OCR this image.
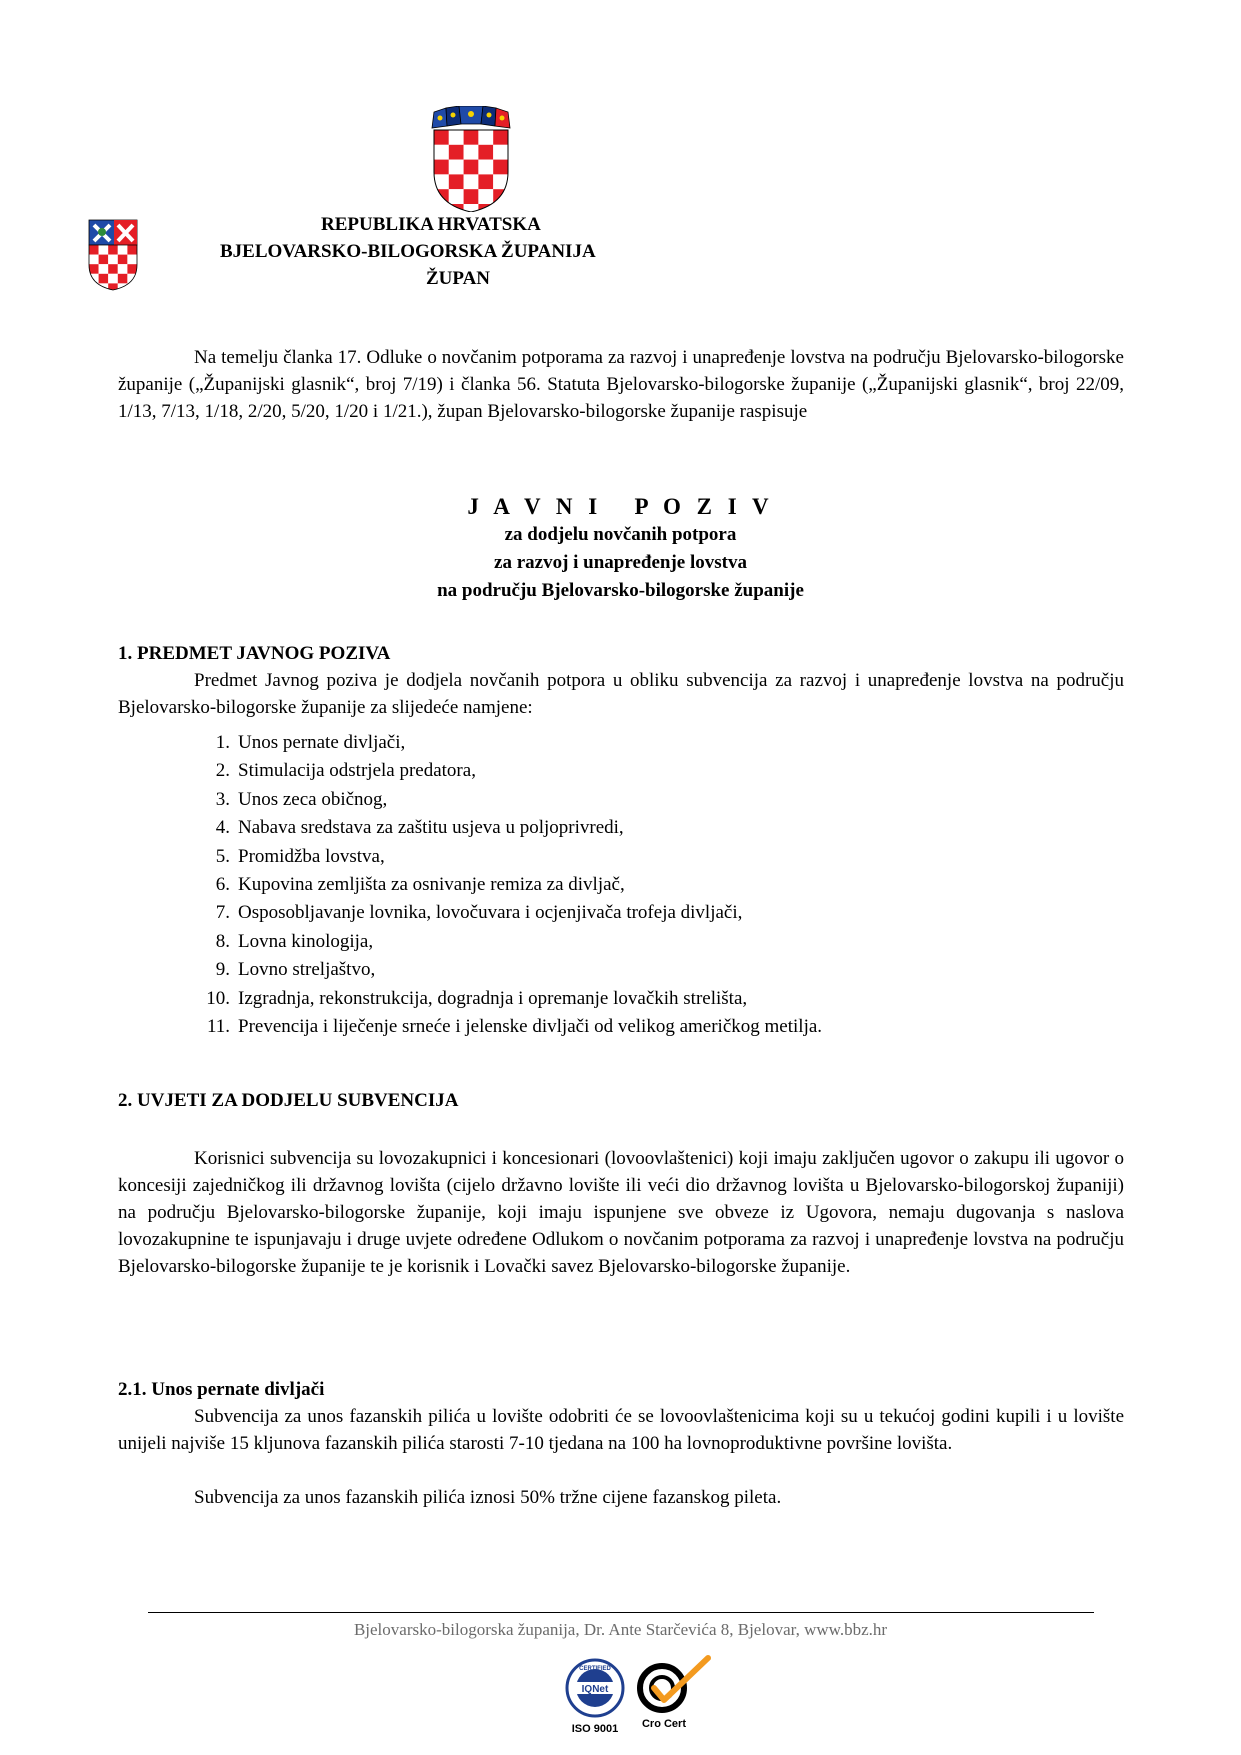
REPUBLIKA HRVATSKA
BJELOVARSKO-BILOGORSKA ŽUPANIJA
ŽUPAN
Na temelju članka 17. Odluke o novčanim potporama za razvoj i unapređenje lovstva na području Bjelovarsko-bilogorske županije („Županijski glasnik“, broj 7/19) i članka 56. Statuta Bjelovarsko-bilogorske županije („Županijski glasnik“, broj 22/09, 1/13, 7/13, 1/18, 2/20, 5/20, 1/20 i 1/21.), župan Bjelovarsko-bilogorske županije raspisuje
J A V N I   P O Z I V
za dodjelu novčanih potpora
za razvoj i unapređenje lovstva
na području Bjelovarsko-bilogorske županije
1. PREDMET JAVNOG POZIVA
Predmet Javnog poziva je dodjela novčanih potpora u obliku subvencija za razvoj i unapređenje lovstva na području Bjelovarsko-bilogorske županije za slijedeće namjene:
1. Unos pernate divljači,
2. Stimulacija odstrjela predatora,
3. Unos zeca običnog,
4. Nabava sredstava za zaštitu usjeva u poljoprivredi,
5. Promidžba lovstva,
6. Kupovina zemljišta za osnivanje remiza za divljač,
7. Osposobljavanje lovnika, lovočuvara i ocjenjivača trofeja divljači,
8. Lovna kinologija,
9. Lovno streljaštvo,
10. Izgradnja, rekonstrukcija, dogradnja i opremanje lovačkih strelišta,
11. Prevencija i liječenje srneće i jelenske divljači od velikog američkog metilja.
2. UVJETI ZA DODJELU SUBVENCIJA
Korisnici subvencija su lovozakupnici i koncesionari (lovoovlaštenici) koji imaju zaključen ugovor o zakupu ili ugovor o koncesiji zajedničkog ili državnog lovišta (cijelo državno lovište ili veći dio državnog lovišta u Bjelovarsko-bilogorskoj županiji) na području Bjelovarsko-bilogorske županije, koji imaju ispunjene sve obveze iz Ugovora, nemaju dugovanja s naslova lovozakupnine te ispunjavaju i druge uvjete određene Odlukom o novčanim potporama za razvoj i unapređenje lovstva na području Bjelovarsko-bilogorske županije te je korisnik i Lovački savez Bjelovarsko-bilogorske županije.
2.1. Unos pernate divljači
Subvencija za unos fazanskih pilića u lovište odobriti će se lovoovlaštenicima koji su u tekućoj godini kupili i u lovište unijeli najviše 15 kljunova fazanskih pilića starosti 7-10 tjedana na 100 ha lovnoproduktivne površine lovišta.
Subvencija za unos fazanskih pilića iznosi 50% tržne cijene fazanskog pileta.
Bjelovarsko-bilogorska županija, Dr. Ante Starčevića 8, Bjelovar, www.bbz.hr
CERTIFIED
IQNet
ISO 9001	Cro Cert
